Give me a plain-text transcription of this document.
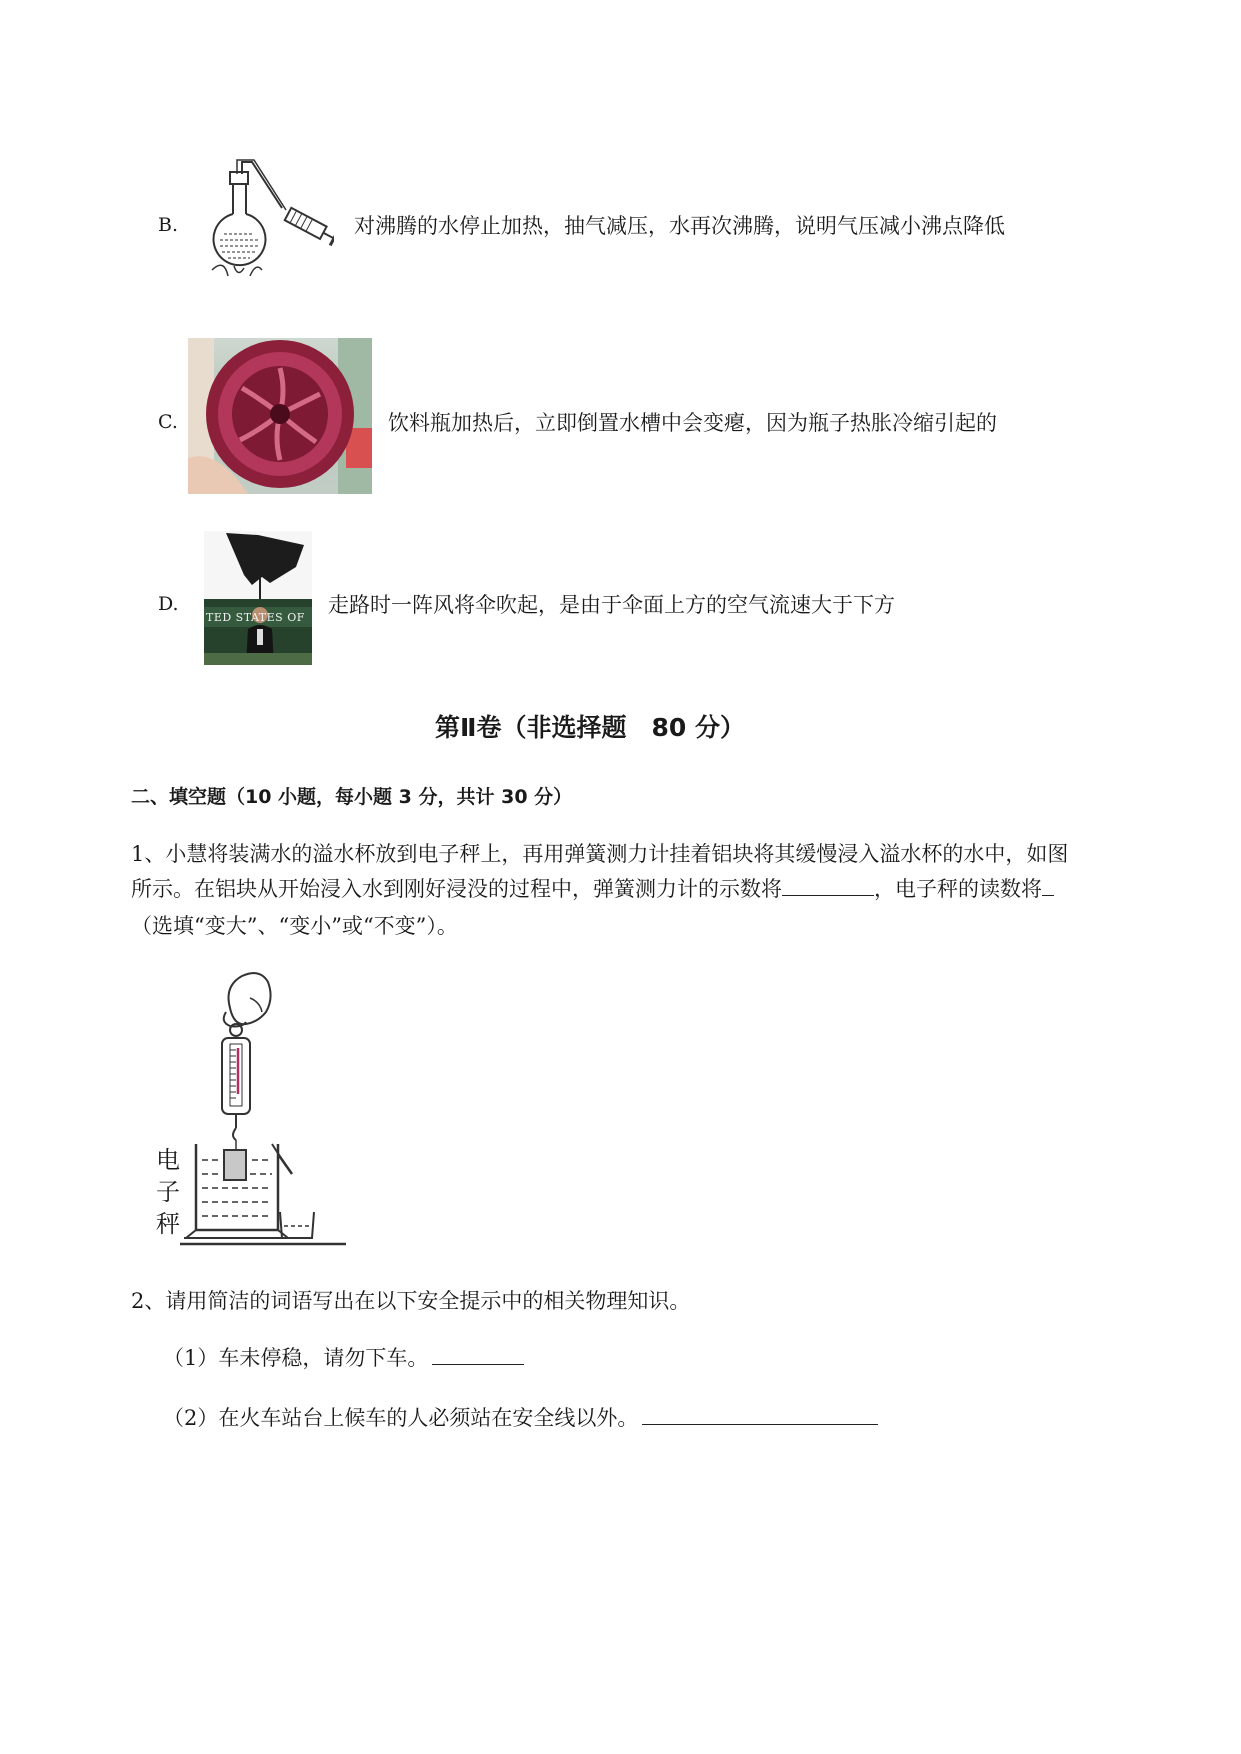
B.	对沸腾的水停止加热，抽气减压，水再次沸腾，说明气压减小沸点降低
C.	饮料瓶加热后，立即倒置水槽中会变瘪，因为瓶子热胀冷缩引起的
D.
TED STATES OF
走路时一阵风将伞吹起，是由于伞面上方的空气流速大于下方
第Ⅱ卷（非选择题　80 分）
二、填空题（10 小题，每小题 3 分，共计 30 分）
1、小慧将装满水的溢水杯放到电子秤上，再用弹簧测力计挂着铝块将其缓慢浸入溢水杯的水中，如图
所示。在铝块从开始浸入水到刚好浸没的过程中，弹簧测力计的示数将	，电子秤的读数将
（选填“变大”、“变小”或“不变”）。
电
子
秤
2、请用简洁的词语写出在以下安全提示中的相关物理知识。
（1）车未停稳，请勿下车。
（2）在火车站台上候车的人必须站在安全线以外。
